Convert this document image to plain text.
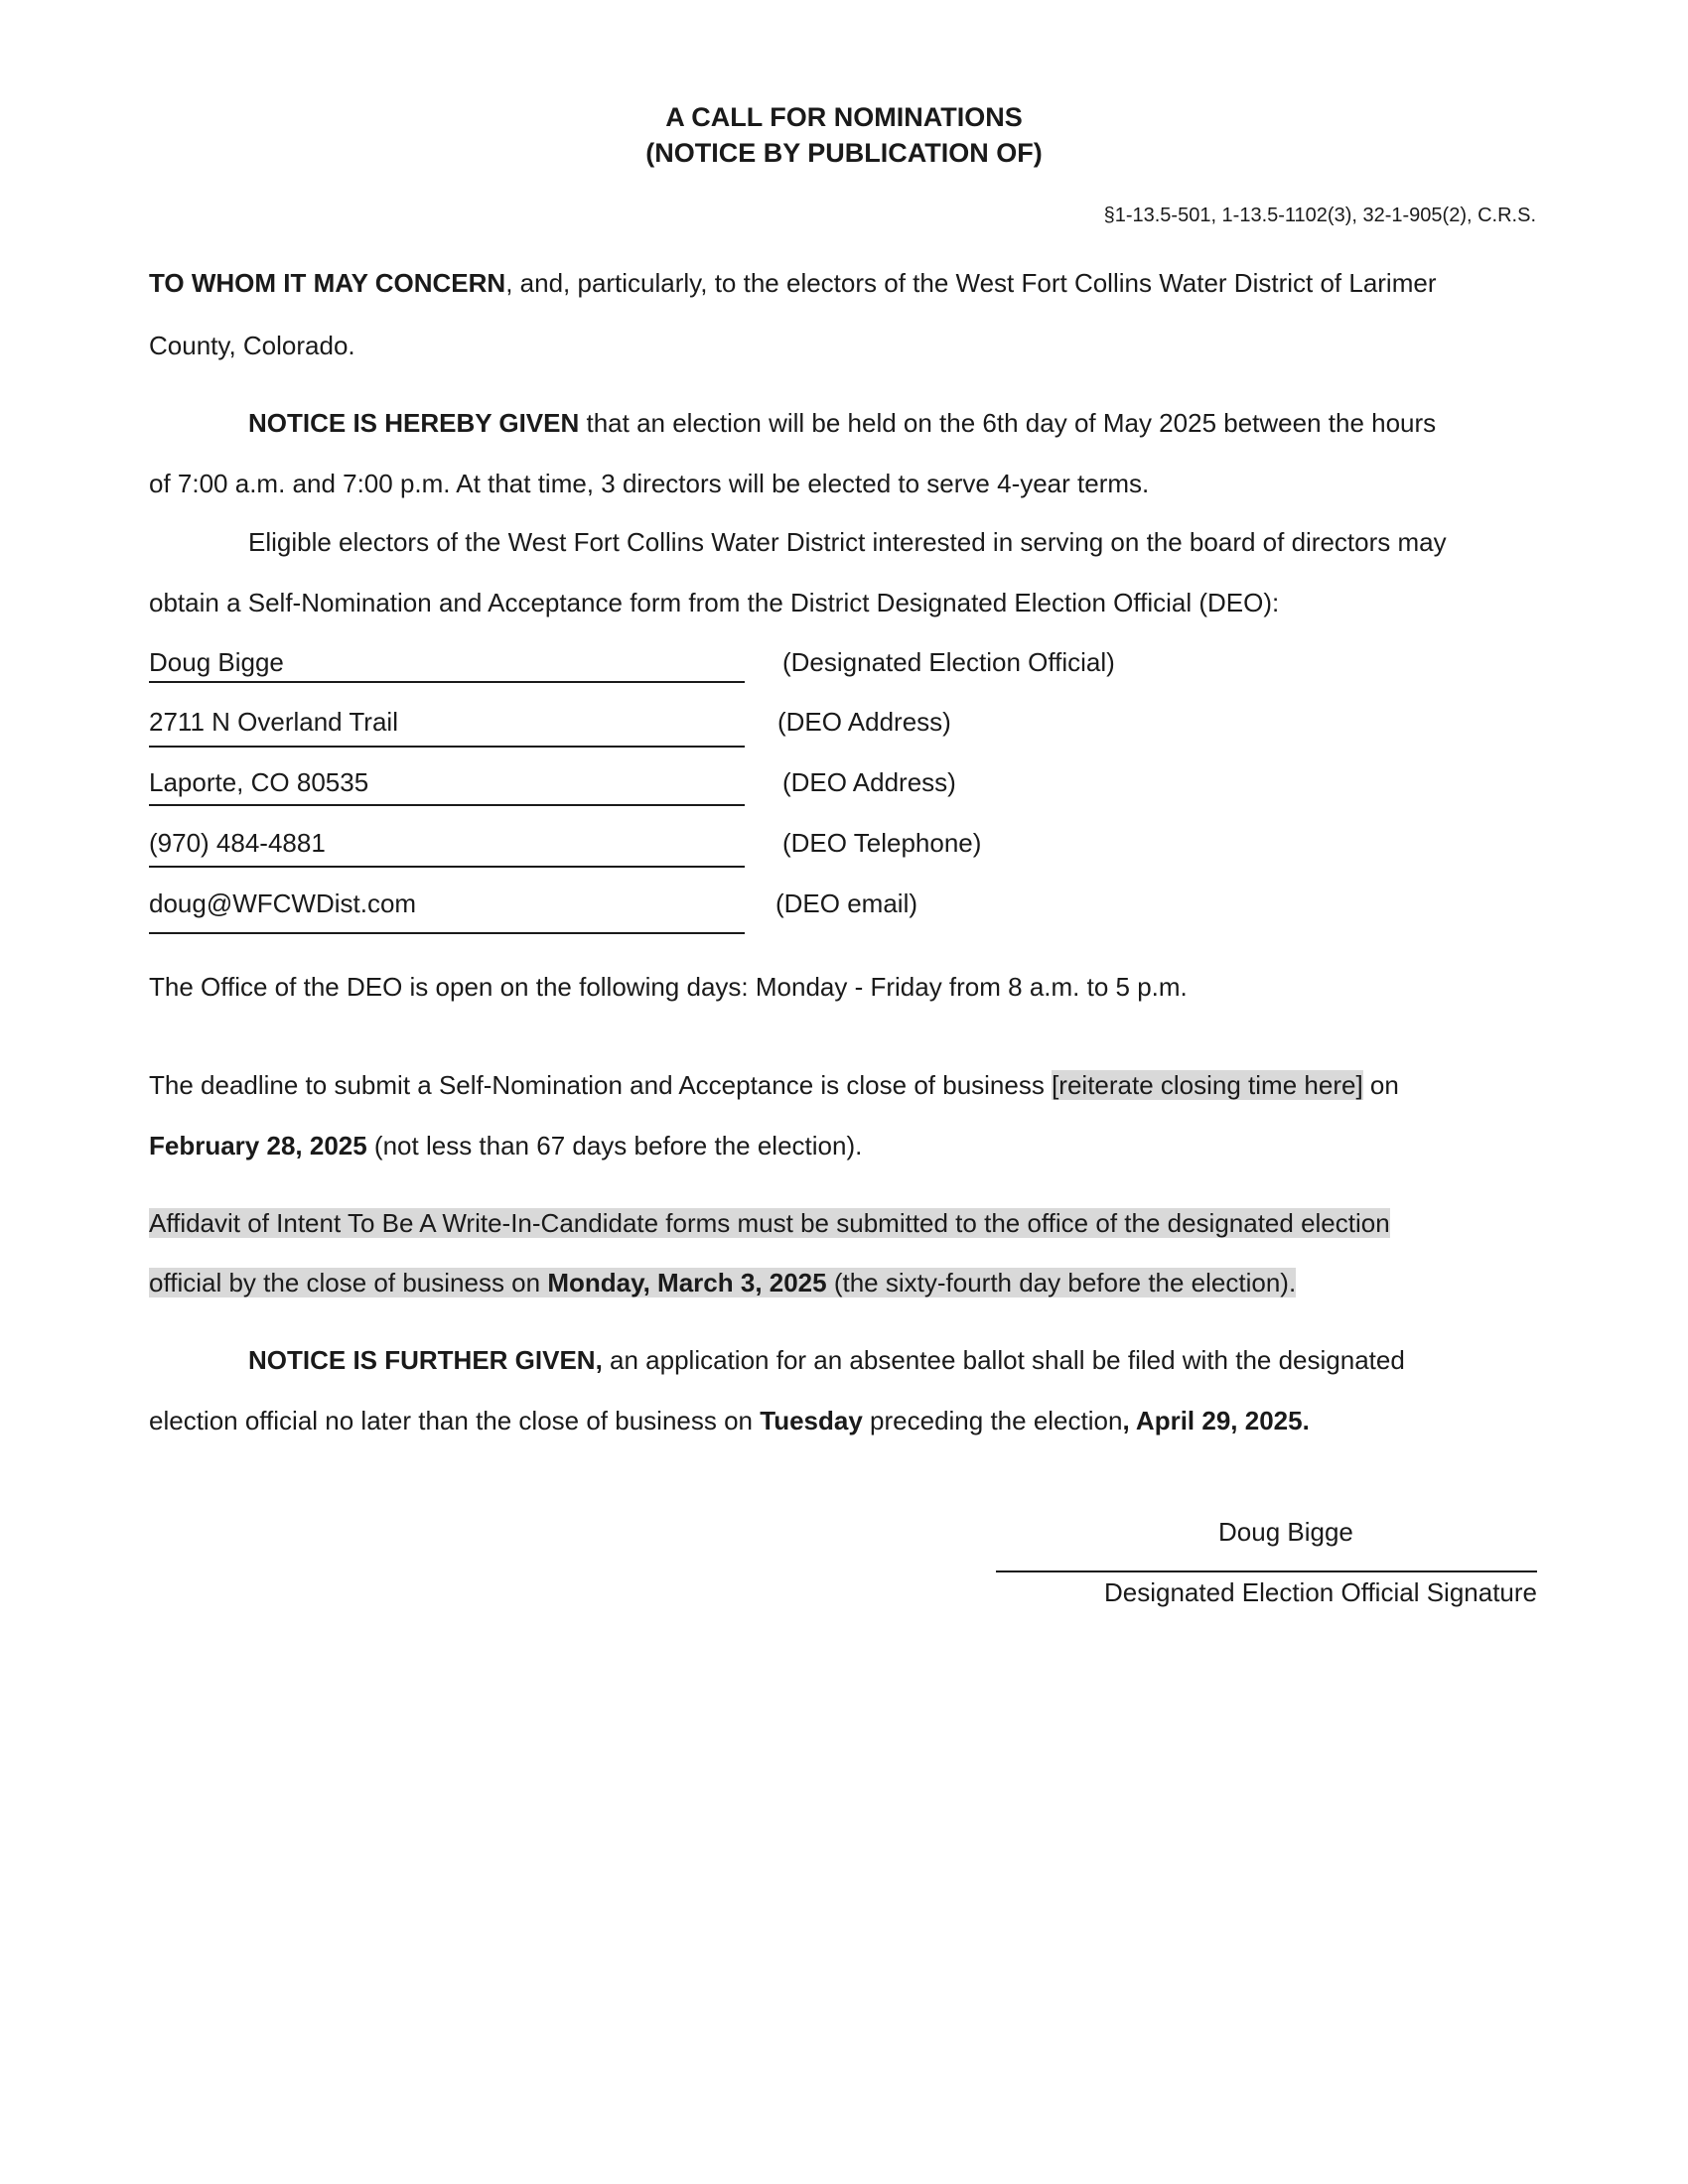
A CALL FOR NOMINATIONS
(NOTICE BY PUBLICATION OF)
§1-13.5-501, 1-13.5-1102(3), 32-1-905(2), C.R.S.
TO WHOM IT MAY CONCERN, and, particularly, to the electors of the West Fort Collins Water District of Larimer
County, Colorado.
NOTICE IS HEREBY GIVEN that an election will be held on the 6th day of May 2025 between the hours
of 7:00 a.m. and 7:00 p.m. At that time, 3 directors will be elected to serve 4-year terms.
Eligible electors of the West Fort Collins Water District interested in serving on the board of directors may
obtain a Self-Nomination and Acceptance form from the District Designated Election Official (DEO):
Doug Bigge	(Designated Election Official)
2711 N Overland Trail	(DEO Address)
Laporte, CO 80535	(DEO Address)
(970) 484-4881	(DEO Telephone)
doug@WFCWDist.com	(DEO email)
The Office of the DEO is open on the following days: Monday - Friday from 8 a.m. to 5 p.m.
The deadline to submit a Self-Nomination and Acceptance is close of business [reiterate closing time here] on
February 28, 2025 (not less than 67 days before the election).
Affidavit of Intent To Be A Write-In-Candidate forms must be submitted to the office of the designated election
official by the close of business on Monday, March 3, 2025 (the sixty-fourth day before the election).
NOTICE IS FURTHER GIVEN, an application for an absentee ballot shall be filed with the designated
election official no later than the close of business on Tuesday preceding the election, April 29, 2025.
Doug Bigge
Designated Election Official Signature
